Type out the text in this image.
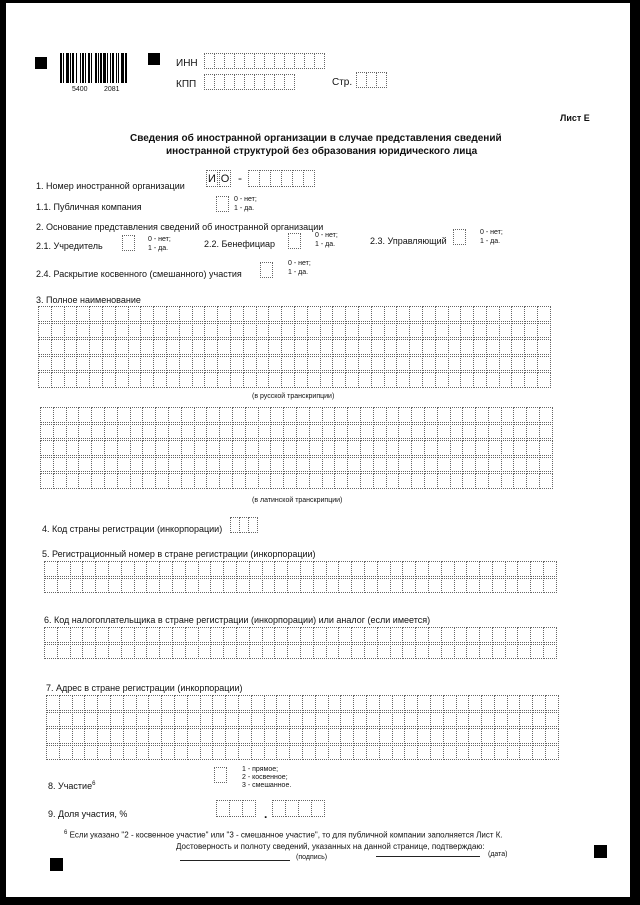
5400 2081
ИНН
КПП	Стр.
Лист Е
Сведения об иностранной организации в случае представления сведений
иностранной структурой без образования юридического лица
1. Номер иностранной организации
И О -
1.1. Публичная компания
0 - нет;
1 - да.
2. Основание представления сведений об иностранной организации
2.1. Учредитель
0 - нет;
1 - да.	2.2. Бенефициар
0 - нет;
1 - да.	2.3. Управляющий
0 - нет;
1 - да.
2.4. Раскрытие косвенного (смешанного) участия
0 - нет;
1 - да.
3. Полное наименование
(в русской транскрипции)
(в латинской транскрипции)
4. Код страны регистрации (инкорпорации)
5. Регистрационный номер в стране регистрации (инкорпорации)
6. Код налогоплательщика в стране регистрации (инкорпорации) или аналог (если имеется)
7. Адрес в стране регистрации (инкорпорации)
8. Участие$^6$
1 - прямое;
2 - косвенное;
3 - смешанное.
9. Доля участия, %	.
$^6$ Если указано "2 - косвенное участие" или "3 - смешанное участие", то для публичной компании заполняется Лист К.
Достоверность и полноту сведений, указанных на данной странице, подтверждаю:
(подпись)	(дата)
